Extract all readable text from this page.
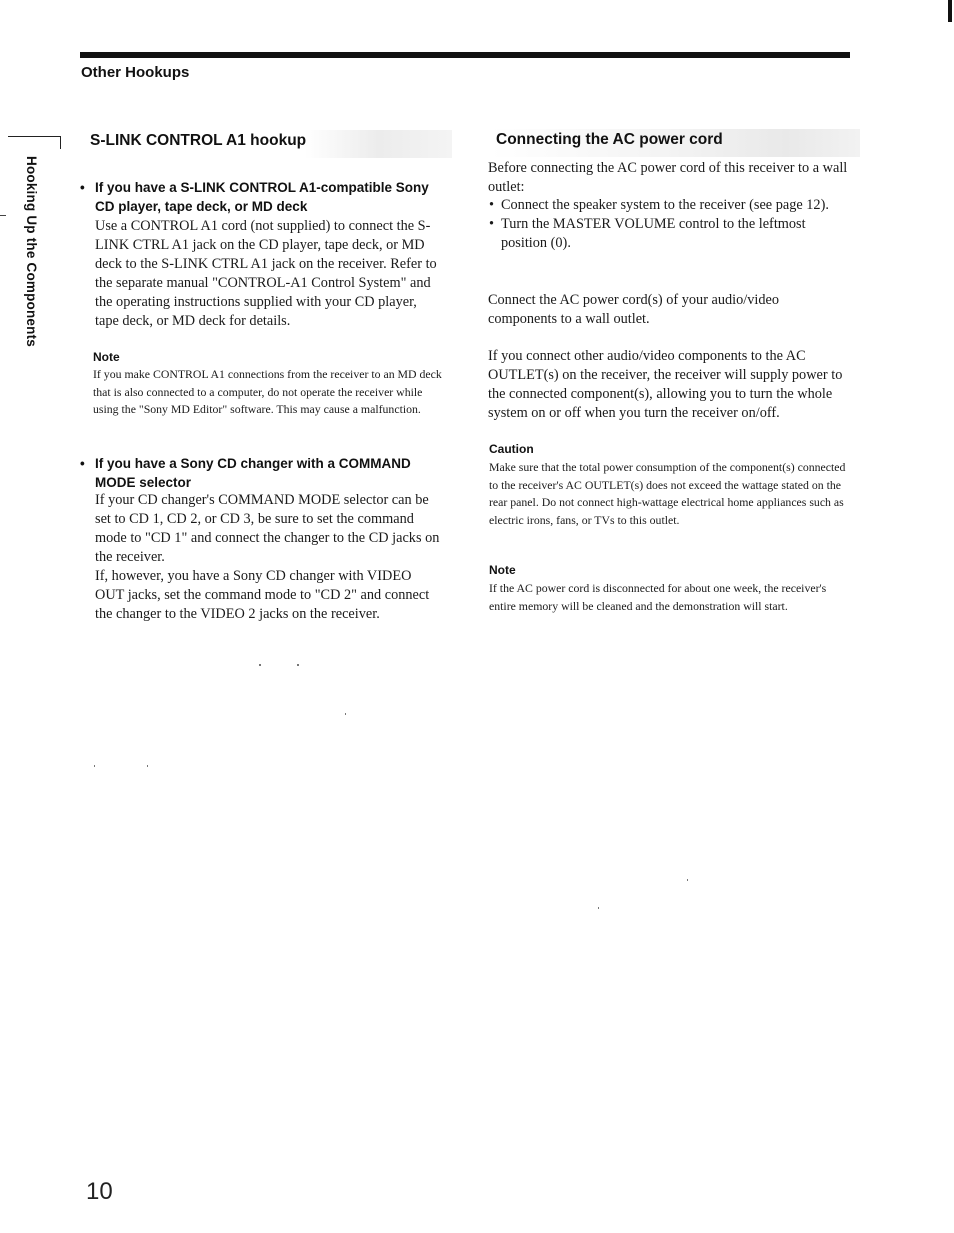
Other Hookups
Hooking Up the Components
S-LINK CONTROL A1 hookup
• If you have a S-LINK CONTROL A1-compatible Sony CD player, tape deck, or MD deck
Use a CONTROL A1 cord (not supplied) to connect the S-LINK CTRL A1 jack on the CD player, tape deck, or MD deck to the S-LINK CTRL A1 jack on the receiver. Refer to the separate manual "CONTROL-A1 Control System" and the operating instructions supplied with your CD player, tape deck, or MD deck for details.
Note
If you make CONTROL A1 connections from the receiver to an MD deck that is also connected to a computer, do not operate the receiver while using the "Sony MD Editor" software. This may cause a malfunction.
• If you have a Sony CD changer with a COMMAND MODE selector
If your CD changer's COMMAND MODE selector can be set to CD 1, CD 2, or CD 3, be sure to set the command mode to "CD 1" and connect the changer to the CD jacks on the receiver.
If, however, you have a Sony CD changer with VIDEO OUT jacks, set the command mode to "CD 2" and connect the changer to the VIDEO 2 jacks on the receiver.
Connecting the AC power cord
Before connecting the AC power cord of this receiver to a wall outlet:
• Connect the speaker system to the receiver (see page 12).
• Turn the MASTER VOLUME control to the leftmost position (0).
Connect the AC power cord(s) of your audio/video components to a wall outlet.
If you connect other audio/video components to the AC OUTLET(s) on the receiver, the receiver will supply power to the connected component(s), allowing you to turn the whole system on or off when you turn the receiver on/off.
Caution
Make sure that the total power consumption of the component(s) connected to the receiver's AC OUTLET(s) does not exceed the wattage stated on the rear panel. Do not connect high-wattage electrical home appliances such as electric irons, fans, or TVs to this outlet.
Note
If the AC power cord is disconnected for about one week, the receiver's entire memory will be cleaned and the demonstration will start.
10
